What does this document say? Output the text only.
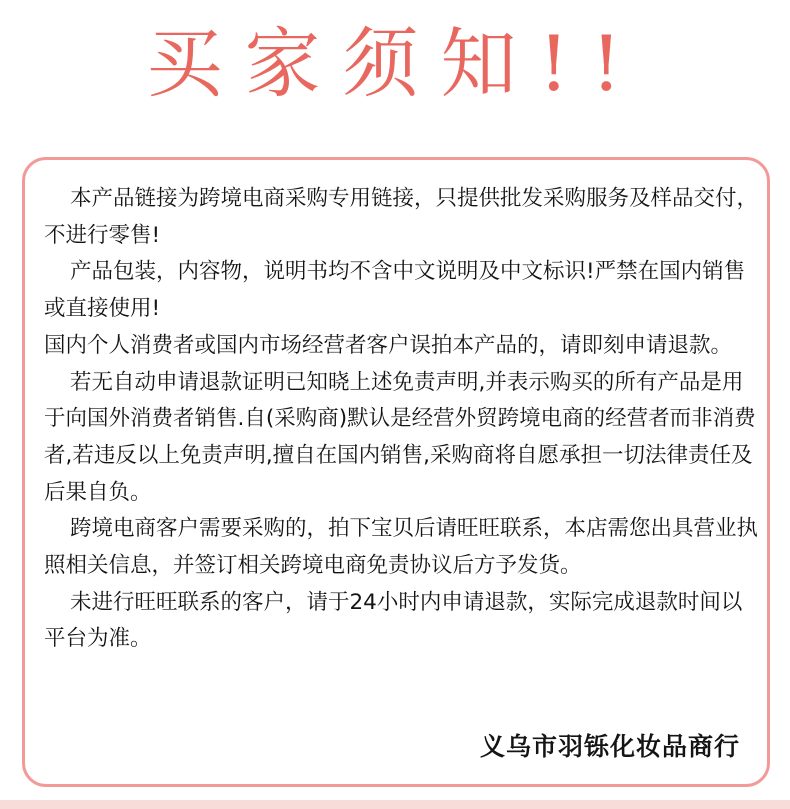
买家须知!!

本产品链接为跨境电商采购专用链接，只提供批发采购服务及样品交付，不进行零售!

产品包装，内容物，说明书均不含中文说明及中文标识!严禁在国内销售或直接使用!

国内个人消费者或国内市场经营者客户误拍本产品的，请即刻申请退款。

若无自动申请退款证明已知晓上述免责声明,并表示购买的所有产品是用于向国外消费者销售.自(采购商)默认是经营外贸跨境电商的经营者而非消费者,若违反以上免责声明,擅自在国内销售,采购商将自愿承担一切法律责任及后果自负。

跨境电商客户需要采购的，拍下宝贝后请旺旺联系，本店需您出具营业执照相关信息，并签订相关跨境电商免责协议后方予发货。

未进行旺旺联系的客户，请于24小时内申请退款，实际完成退款时间以平台为准。

义乌市羽铄化妆品商行
